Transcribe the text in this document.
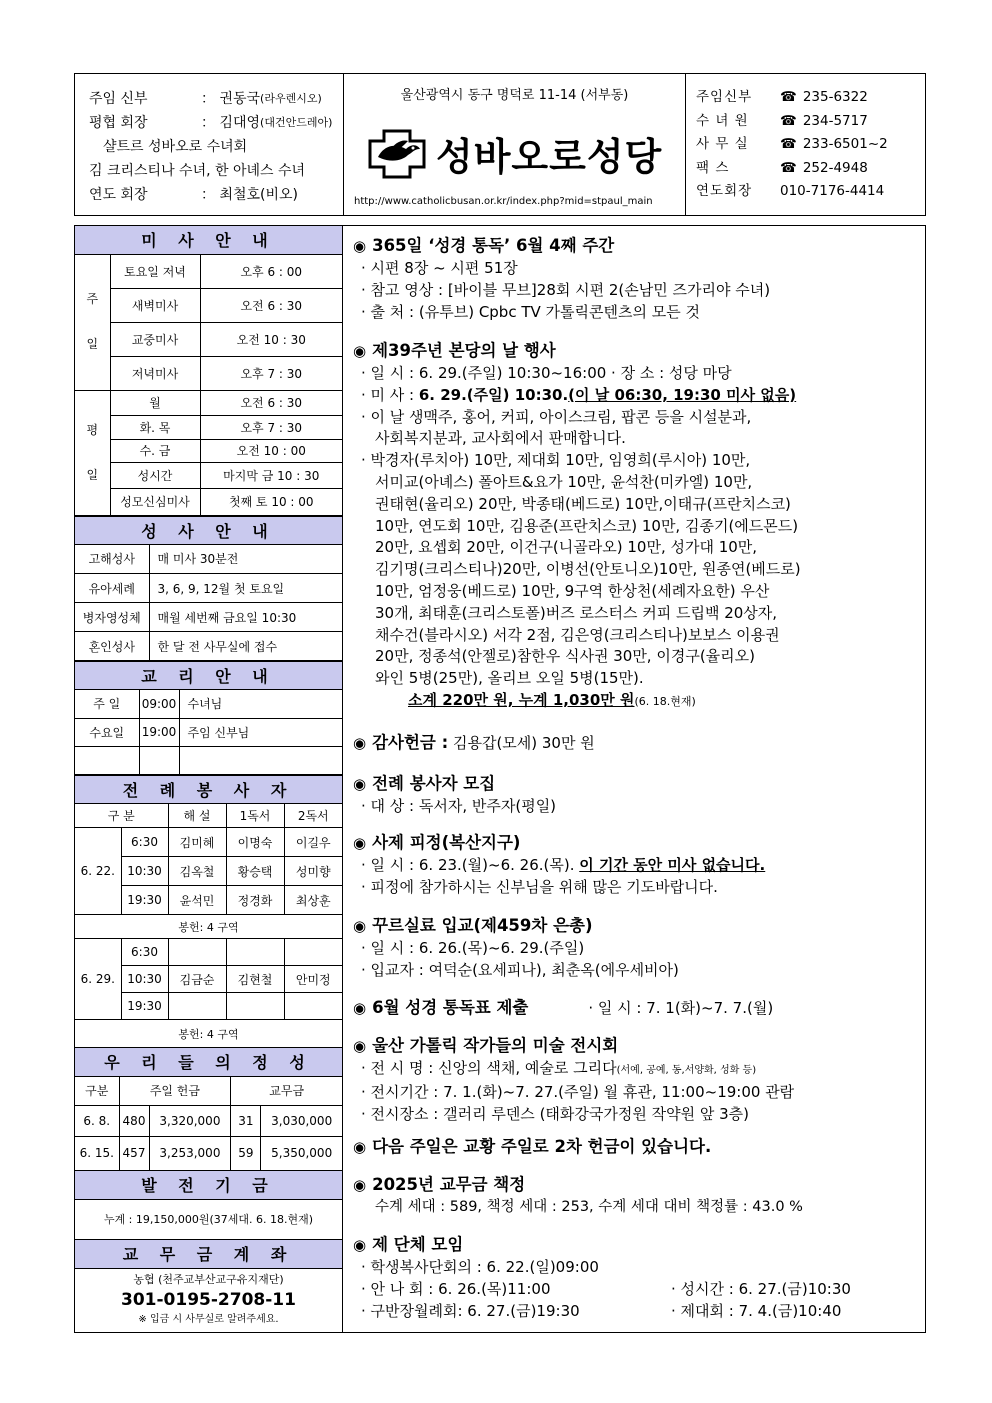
주임 신부	： 권동국 (라우렌시오)
평협 회장	： 김대영 (대건안드레아)
샬트르 성바오로 수녀회
김 크리스티나 수녀, 한 아녜스 수녀
연도 회장	： 최철호(비오)
울산광역시 동구 명덕로 11-14 (서부동)
성바오로성당
http://www.catholicbusan.or.kr/index.php?mid=stpaul_main
주임신부	☎ 235-6322
수 녀 원	☎ 234-5717
사 무 실	☎ 233-6501~2
팩 스	☎ 252-4948
연도회장	010-7176-4414
미 사 안 내
주

일	토요일 저녁	오후 6 : 00
	새벽미사	오전 6 : 30
	교중미사	오전 10 : 30
	저녁미사	오후 7 : 30
평

일	월	오전 6 : 30
	화. 목	오후 7 : 30
	수. 금	오전 10 : 00
	성시간	마지막 금 10 : 30
	성모신심미사	첫째 토 10 : 00
성 사 안 내
고해성사	매 미사 30분전
유아세례	3, 6, 9, 12월 첫 토요일
병자영성체	매월 세번째 금요일 10:30
혼인성사	한 달 전 사무실에 접수
교 리 안 내
주 일	09:00	수녀님
수요일	19:00	주임 신부님

전 례 봉 사 자
구 분		해 설	1독서	2독서
6. 22.	6:30	김미혜	이명숙	이길우
	10:30	김옥철	황승택	성미향
	19:30	윤석민	정경화	최상훈
봉헌: 4 구역				
6. 29.	6:30			
	10:30	김금순	김현철	안미정
	19:30			
봉헌: 4 구역				
우 리 들 의 정 성
구분	주일 헌금		교무금	
6. 8.	480	3,320,000	31	3,030,000
6. 15.	457	3,253,000	59	5,350,000
발 전 기 금
누계 : 19,150,000원(37세대. 6. 18.현재)
교 무 금 계 좌
농협 (천주교부산교구유지재단)
301-0195-2708-11
※ 입금 시 사무실로 알려주세요.
◉ 365일 ‘성경 통독’ 6월 4째 주간
· 시편 8장 ~ 시편 51장
· 참고 영상 : [바이블 무브]28회 시편 2(손남민 즈가리야 수녀)
· 출 처 : (유투브) Cpbc TV 가톨릭콘텐츠의 모든 것
◉ 제39주년 본당의 날 행사
· 일 시 : 6. 29.(주일) 10:30~16:00 · 장 소 : 성당 마당
· 미 사 : 6. 29.(주일) 10:30.(이 날 06:30, 19:30 미사 없음)
· 이 날 생맥주, 홍어, 커피, 아이스크림, 팝콘 등을 시설분과,
사회복지분과, 교사회에서 판매합니다.
· 박경자(루치아) 10만, 제대회 10만, 임영희(루시아) 10만,
서미교(아녜스) 폴아트&요가 10만, 윤석찬(미카엘) 10만,
권태현(율리오) 20만, 박종태(베드로) 10만,이태규(프란치스코)
10만, 연도회 10만, 김용준(프란치스코) 10만, 김종기(에드몬드)
20만, 요셉회 20만, 이건구(니골라오) 10만, 성가대 10만,
김기명(크리스티나)20만, 이병선(안토니오)10만, 원종연(베드로)
10만, 엄정웅(베드로) 10만, 9구역 한상천(세례자요한) 우산
30개, 최태훈(크리스토폴)버즈 로스터스 커피 드립백 20상자,
채수건(블라시오) 서각 2점, 김은영(크리스티나)보보스 이용권
20만, 정종석(안젤로)참한우 식사권 30만, 이경구(율리오)
와인 5병(25만), 올리브 오일 5병(15만).
소계 220만 원, 누계 1,030만 원(6. 18.현재)
◉ 감사헌금 : 김용갑(모세) 30만 원
◉ 전례 봉사자 모집
· 대 상 : 독서자, 반주자(평일)
◉ 사제 피정(복산지구)
· 일 시 : 6. 23.(월)~6. 26.(목). 이 기간 동안 미사 없습니다.
· 피정에 참가하시는 신부님을 위해 많은 기도바랍니다.
◉ 꾸르실료 입교(제459차 은총)
· 일 시 : 6. 26.(목)~6. 29.(주일)
· 입교자 : 여덕순(요세피나), 최춘옥(에우세비아)
◉ 6월 성경 통독표 제출	· 일 시 : 7. 1(화)~7. 7.(월)
◉ 울산 가톨릭 작가들의 미술 전시회
· 전 시 명 : 신앙의 색채, 예술로 그리다(서예, 공예, 동,서양화, 성화 등)
· 전시기간 : 7. 1.(화)~7. 27.(주일) 월 휴관, 11:00~19:00 관람
· 전시장소 : 갤러리 루덴스 (태화강국가정원 작약원 앞 3층)
◉ 다음 주일은 교황 주일로 2차 헌금이 있습니다.
◉ 2025년 교무금 책정
수계 세대 : 589, 책정 세대 : 253, 수계 세대 대비 책정률 : 43.0 %
◉ 제 단체 모임
· 학생복사단회의 : 6. 22.(일)09:00
· 안 나 회 : 6. 26.(목)11:00	· 성시간 : 6. 27.(금)10:30
· 구반장월례회: 6. 27.(금)19:30	· 제대회 : 7. 4.(금)10:40
